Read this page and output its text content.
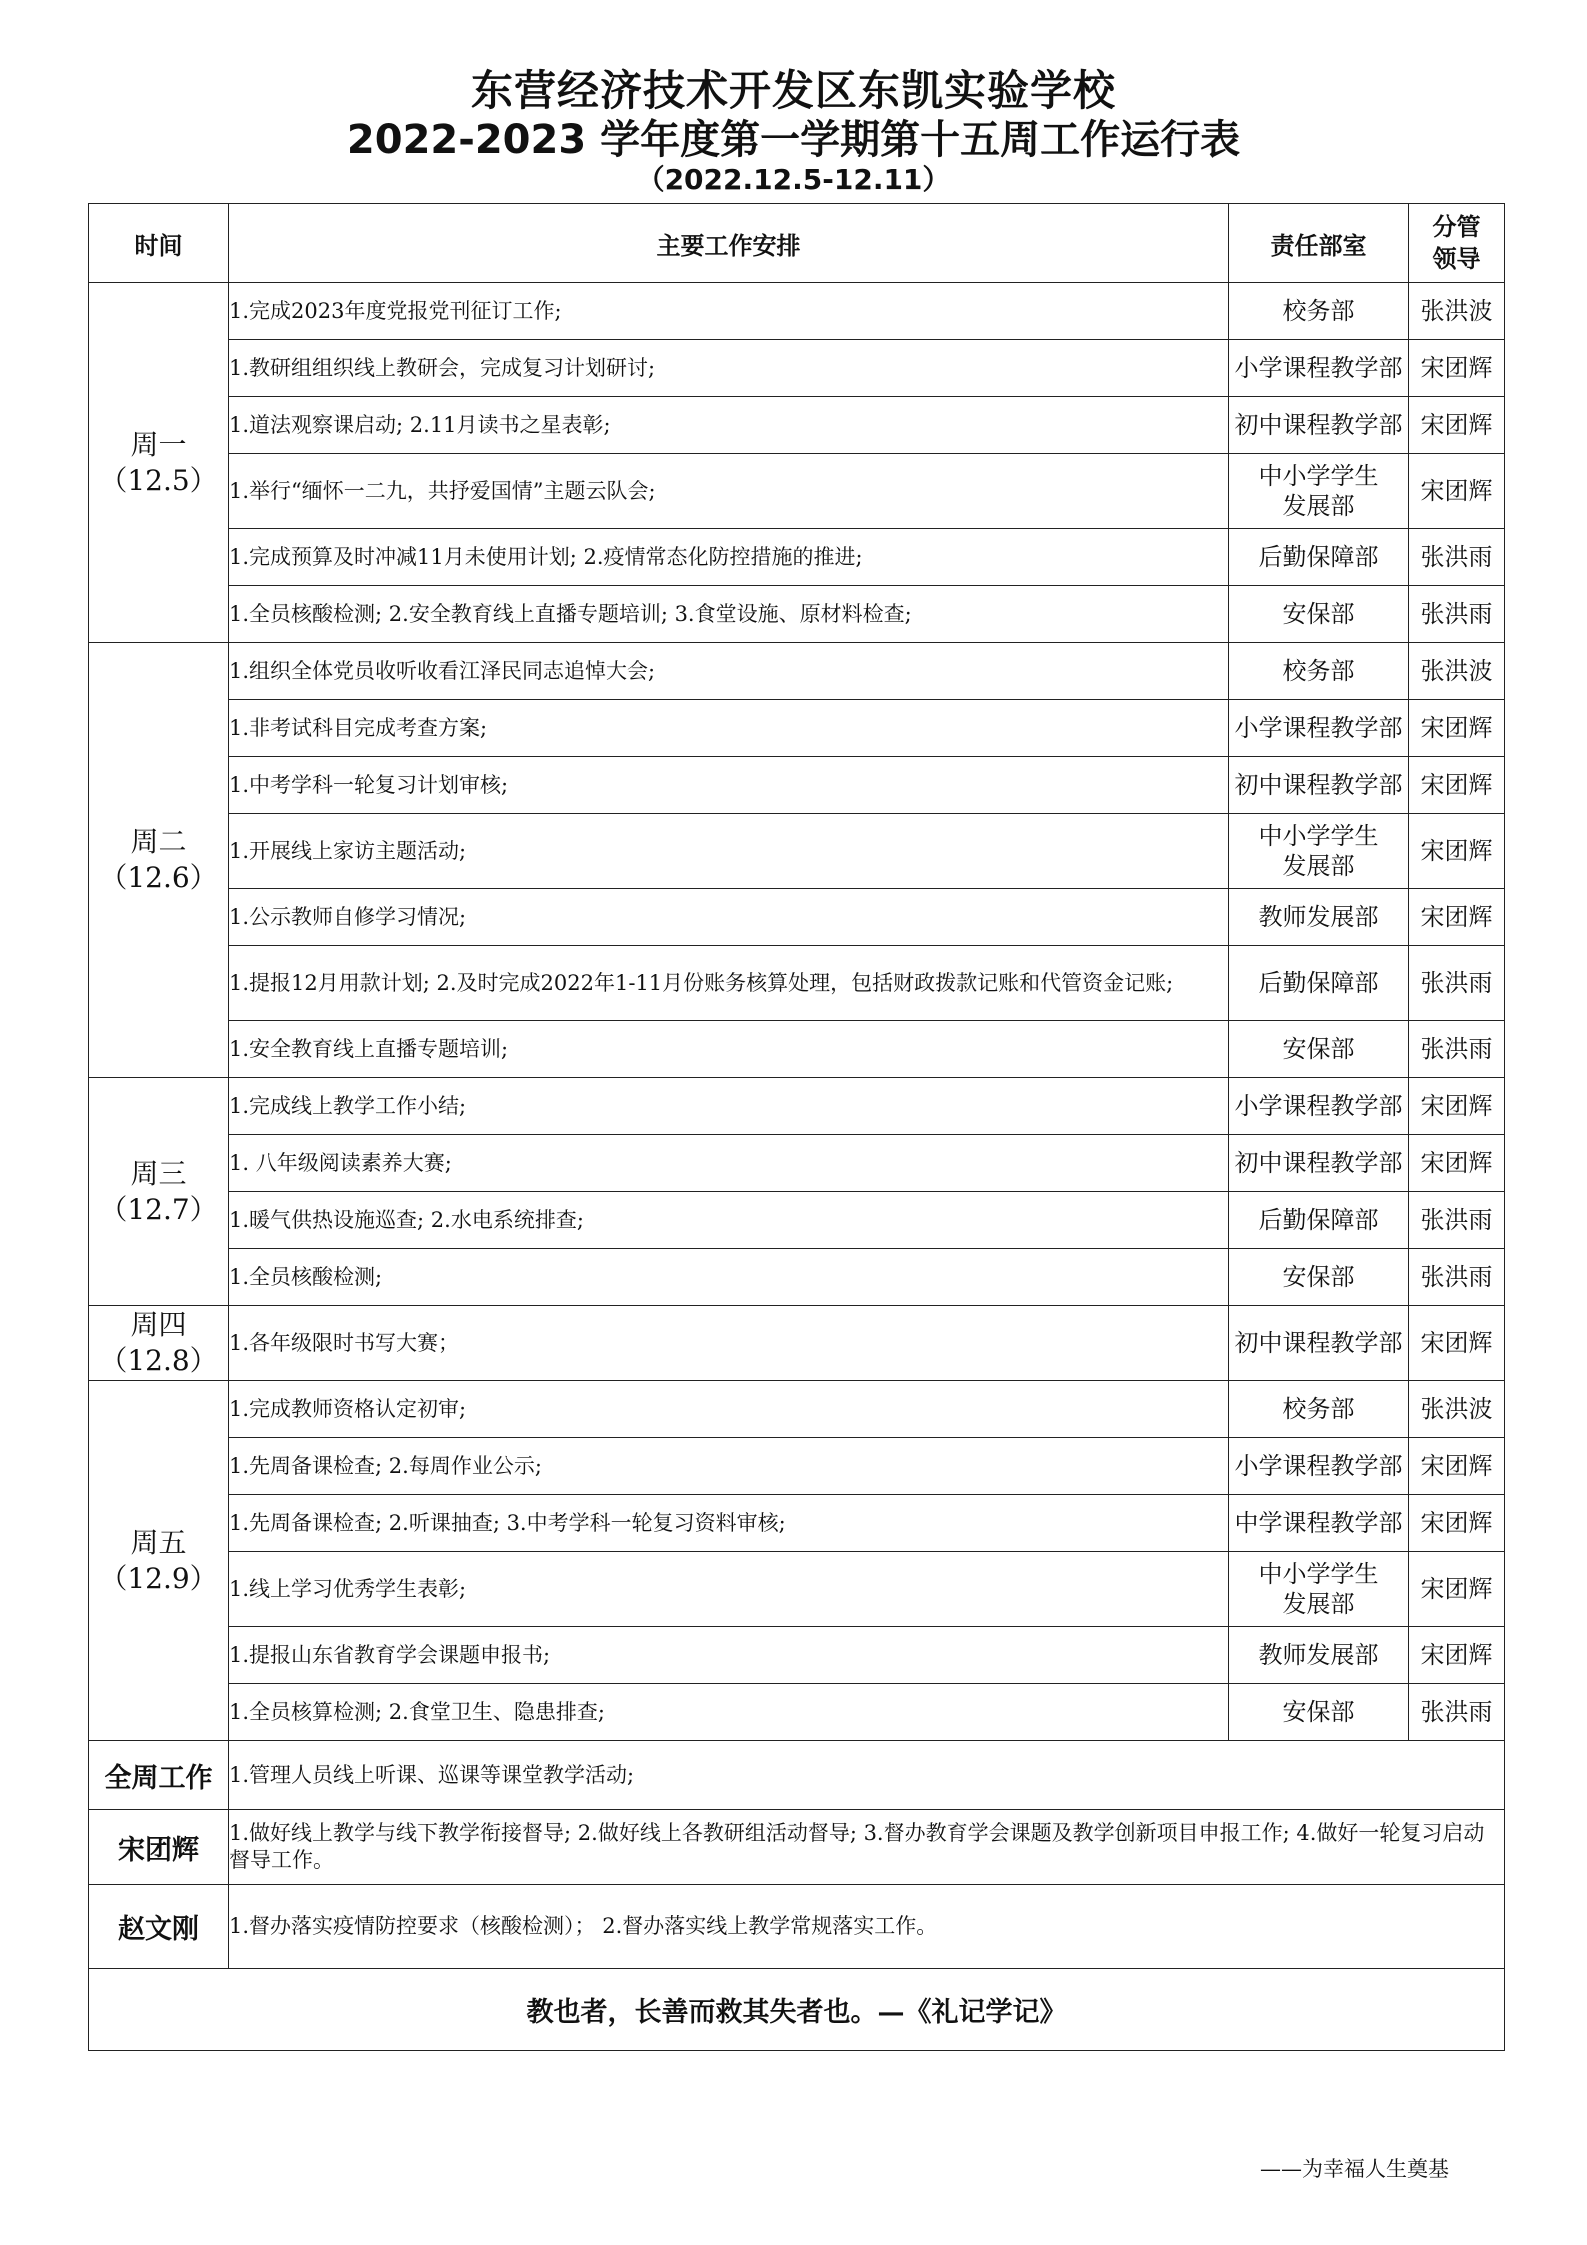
东营经济技术开发区东凯实验学校
2022-2023 学年度第一学期第十五周工作运行表
（2022.12.5-12.11）
时间	主要工作安排	责任部室	分管
领导
周一
（12.5）	1.完成2023年度党报党刊征订工作;	校务部	张洪波
	1.教研组组织线上教研会，完成复习计划研讨;	小学课程教学部	宋团辉
	1.道法观察课启动; 2.11月读书之星表彰;	初中课程教学部	宋团辉
	1.举行“缅怀一二九，共抒爱国情”主题云队会;	中小学学生
发展部	宋团辉
	1.完成预算及时冲减11月未使用计划; 2.疫情常态化防控措施的推进;	后勤保障部	张洪雨
	1.全员核酸检测; 2.安全教育线上直播专题培训; 3.食堂设施、原材料检查;	安保部	张洪雨
周二
（12.6）	1.组织全体党员收听收看江泽民同志追悼大会;	校务部	张洪波
	1.非考试科目完成考查方案;	小学课程教学部	宋团辉
	1.中考学科一轮复习计划审核;	初中课程教学部	宋团辉
	1.开展线上家访主题活动;	中小学学生
发展部	宋团辉
	1.公示教师自修学习情况;	教师发展部	宋团辉
	1.提报12月用款计划; 2.及时完成2022年1-11月份账务核算处理，包括财政拨款记账和代管资金记账;	后勤保障部	张洪雨
	1.安全教育线上直播专题培训;	安保部	张洪雨
周三
（12.7）	1.完成线上教学工作小结;	小学课程教学部	宋团辉
	1. 八年级阅读素养大赛;	初中课程教学部	宋团辉
	1.暖气供热设施巡查; 2.水电系统排查;	后勤保障部	张洪雨
	1.全员核酸检测;	安保部	张洪雨
周四
（12.8）	1.各年级限时书写大赛；	初中课程教学部	宋团辉
周五
（12.9）	1.完成教师资格认定初审;	校务部	张洪波
	1.先周备课检查; 2.每周作业公示;	小学课程教学部	宋团辉
	1.先周备课检查; 2.听课抽查; 3.中考学科一轮复习资料审核;	中学课程教学部	宋团辉
	1.线上学习优秀学生表彰;	中小学学生
发展部	宋团辉
	1.提报山东省教育学会课题申报书;	教师发展部	宋团辉
	1.全员核算检测; 2.食堂卫生、隐患排查;	安保部	张洪雨
全周工作	1.管理人员线上听课、巡课等课堂教学活动;		
宋团辉	1.做好线上教学与线下教学衔接督导; 2.做好线上各教研组活动督导; 3.督办教育学会课题及教学创新项目申报工作; 4.做好一轮复习启动督导工作。		
赵文刚	1.督办落实疫情防控要求（核酸检测）； 2.督办落实线上教学常规落实工作。		
教也者，长善而救其失者也。—《礼记学记》			
——为幸福人生奠基
